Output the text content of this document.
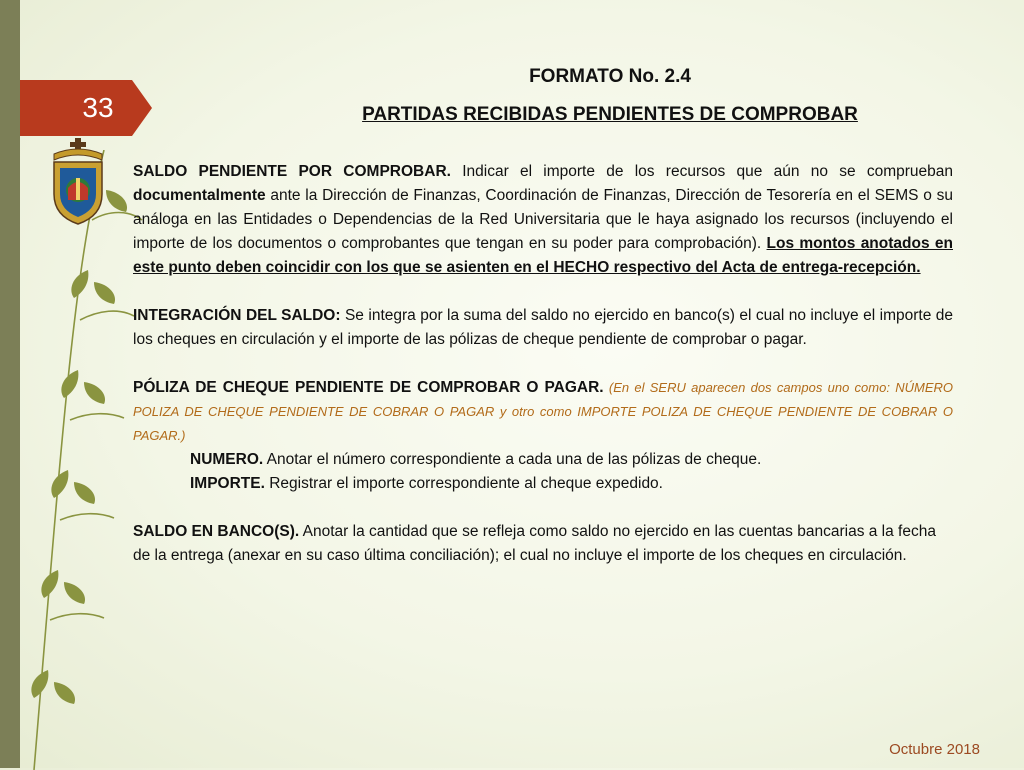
33
FORMATO No. 2.4
PARTIDAS RECIBIDAS PENDIENTES DE COMPROBAR

SALDO PENDIENTE POR COMPROBAR. Indicar el importe de los recursos que aún no se comprueban documentalmente ante la Dirección de Finanzas, Coordinación de Finanzas, Dirección de Tesorería en el SEMS o su análoga en las Entidades o Dependencias de la Red Universitaria que le haya asignado los recursos (incluyendo el importe de los documentos o comprobantes que tengan en su poder para comprobación). Los montos anotados en este punto deben coincidir con los que se asienten en el HECHO respectivo del Acta de entrega-recepción.

INTEGRACIÓN DEL SALDO: Se integra por la suma del saldo no ejercido en banco(s) el cual no incluye el importe de los cheques en circulación y el importe de las pólizas de cheque pendiente de comprobar o pagar.

PÓLIZA DE CHEQUE PENDIENTE DE COMPROBAR O PAGAR. (En el SERU aparecen dos campos uno como: NÚMERO POLIZA DE CHEQUE PENDIENTE DE COBRAR O PAGAR y otro como IMPORTE POLIZA DE CHEQUE PENDIENTE DE COBRAR O PAGAR.)

NUMERO. Anotar el número correspondiente a cada una de las pólizas de cheque.

IMPORTE. Registrar el importe correspondiente al cheque expedido.

SALDO EN BANCO(S). Anotar la cantidad que se refleja como saldo no ejercido en las cuentas bancarias a la fecha de la entrega (anexar en su caso última conciliación); el cual no incluye el importe de los cheques en circulación.

Octubre 2018
